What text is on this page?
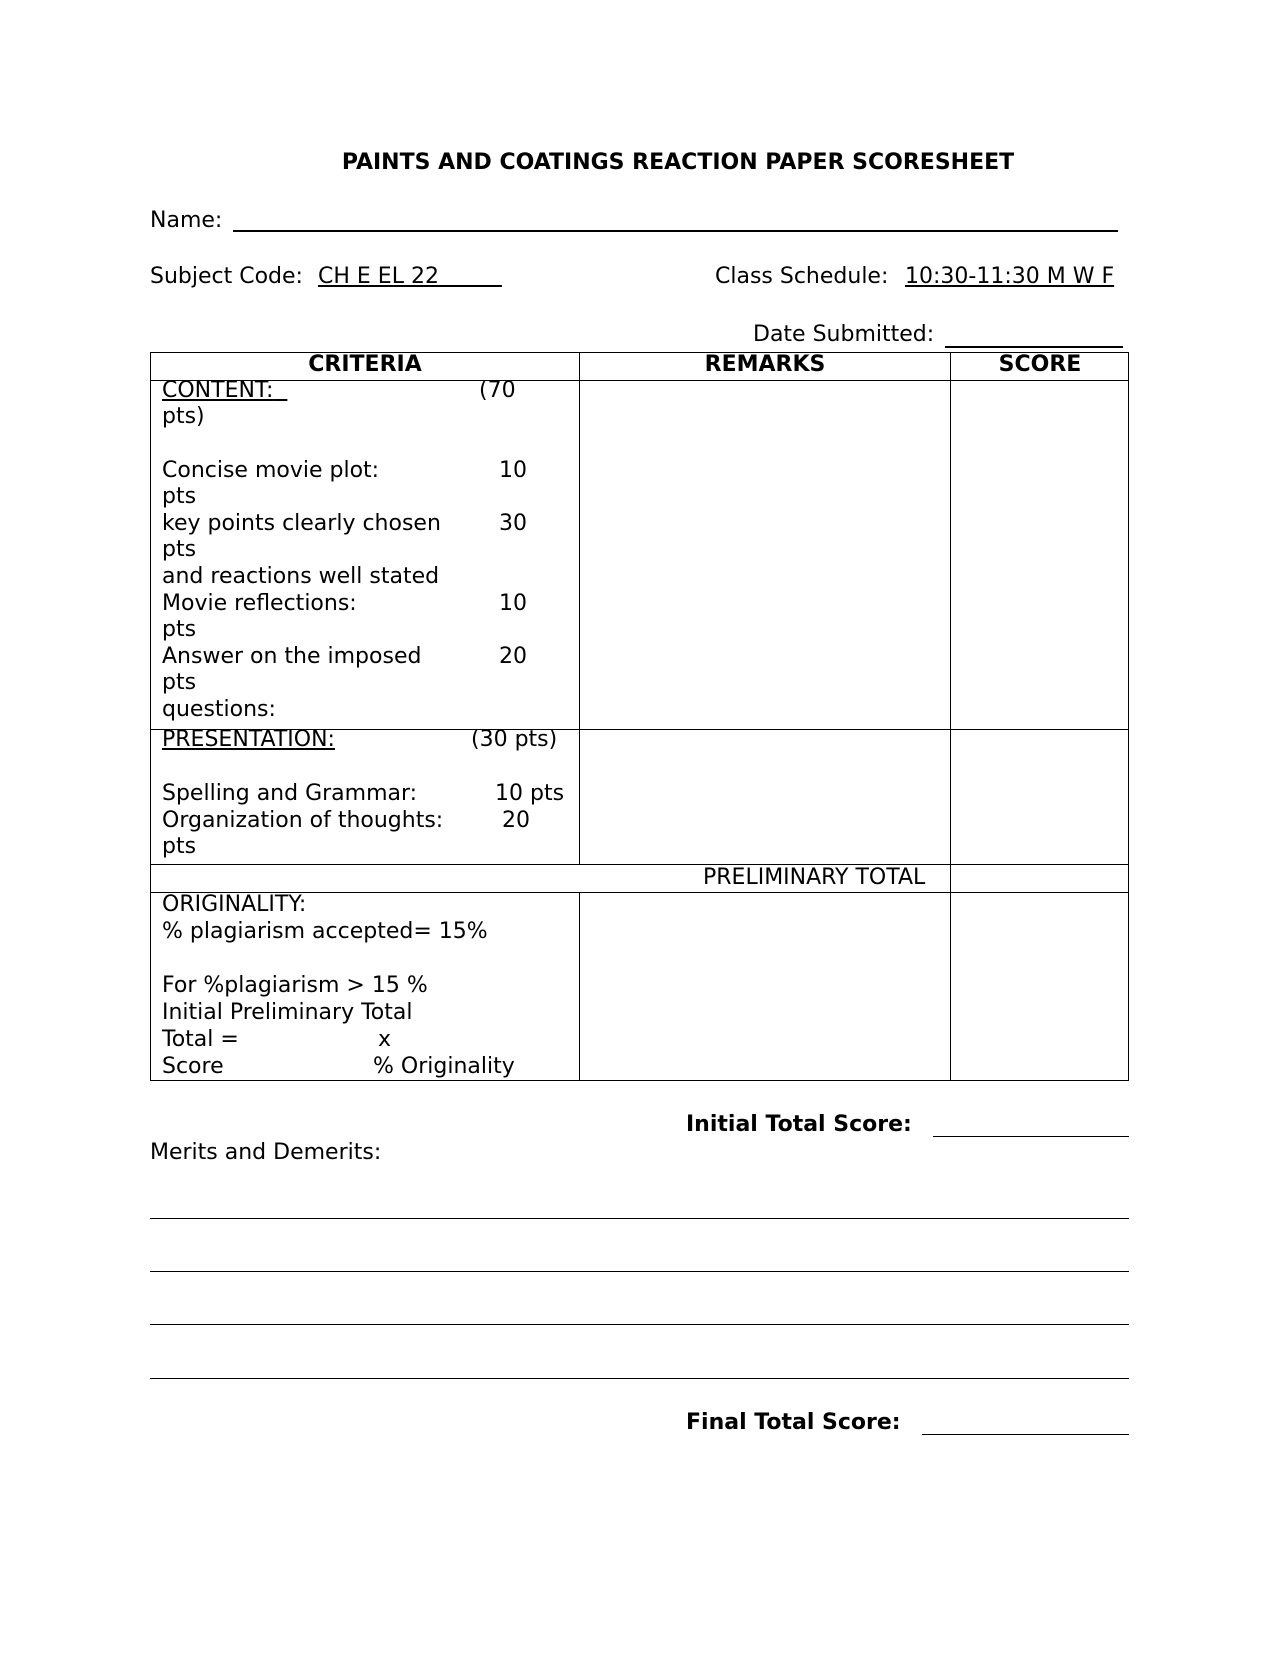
PAINTS AND COATINGS REACTION PAPER SCORESHEET
Name:
Subject Code: CH E EL 22	Class Schedule: 10:30-11:30 M W F
Date Submitted:
CRITERIA	REMARKS	SCORE
CONTENT:	(70
pts)
Concise movie plot:	10
pts
key points clearly chosen	30
pts
and reactions well stated
Movie reflections:	10
pts
Answer on the imposed	20
pts
questions:
PRESENTATION:	(30 pts)
Spelling and Grammar:	10 pts
Organization of thoughts:	20
pts
PRELIMINARY TOTAL
ORIGINALITY:
% plagiarism accepted= 15%
For %plagiarism > 15 %
Initial Preliminary Total
Total =	x
Score	% Originality
Initial Total Score:
Merits and Demerits:
Final Total Score:
